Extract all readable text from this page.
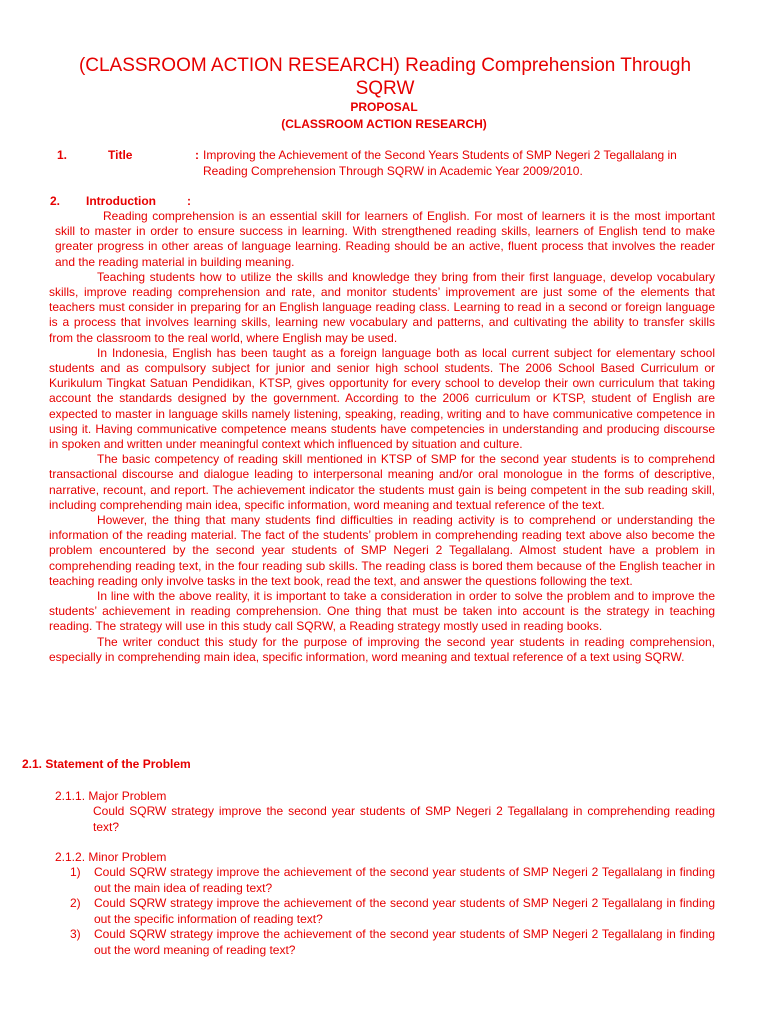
(CLASSROOM ACTION RESEARCH) Reading Comprehension Through SQRW
PROPOSAL
(CLASSROOM ACTION RESEARCH)
1.	Title	: Improving the Achievement of the Second Years Students of SMP Negeri 2 Tegallalang in Reading Comprehension Through SQRW in Academic Year 2009/2010.
2. Introduction	:

Reading comprehension is an essential skill for learners of English. For most of learners it is the most important skill to master in order to ensure success in learning. With strengthened reading skills, learners of English tend to make greater progress in other areas of language learning. Reading should be an active, fluent process that involves the reader and the reading material in building meaning.

Teaching students how to utilize the skills and knowledge they bring from their first language, develop vocabulary skills, improve reading comprehension and rate, and monitor students’ improvement are just some of the elements that teachers must consider in preparing for an English language reading class. Learning to read in a second or foreign language is a process that involves learning skills, learning new vocabulary and patterns, and cultivating the ability to transfer skills from the classroom to the real world, where English may be used.

In Indonesia, English has been taught as a foreign language both as local current subject for elementary school students and as compulsory subject for junior and senior high school students. The 2006 School Based Curriculum or Kurikulum Tingkat Satuan Pendidikan, KTSP, gives opportunity for every school to develop their own curriculum that taking account the standards designed by the government. According to the 2006 curriculum or KTSP, student of English are expected to master in language skills namely listening, speaking, reading, writing and to have communicative competence in using it. Having communicative competence means students have competencies in understanding and producing discourse in spoken and written under meaningful context which influenced by situation and culture.

The basic competency of reading skill mentioned in KTSP of SMP for the second year students is to comprehend transactional discourse and dialogue leading to interpersonal meaning and/or oral monologue in the forms of descriptive, narrative, recount, and report. The achievement indicator the students must gain is being competent in the sub reading skill, including comprehending main idea, specific information, word meaning and textual reference of the text.

However, the thing that many students find difficulties in reading activity is to comprehend or understanding the information of the reading material. The fact of the students’ problem in comprehending reading text above also become the problem encountered by the second year students of SMP Negeri 2 Tegallalang. Almost student have a problem in comprehending reading text, in the four reading sub skills. The reading class is bored them because of the English teacher in teaching reading only involve tasks in the text book, read the text, and answer the questions following the text.

In line with the above reality, it is important to take a consideration in order to solve the problem and to improve the students’ achievement in reading comprehension. One thing that must be taken into account is the strategy in teaching reading. The strategy will use in this study call SQRW, a Reading strategy mostly used in reading books.

The writer conduct this study for the purpose of improving the second year students in reading comprehension, especially in comprehending main idea, specific information, word meaning and textual reference of a text using SQRW.

2.1. Statement of the Problem
2.1.1. Major Problem
Could SQRW strategy improve the second year students of SMP Negeri 2 Tegallalang in comprehending reading text?
2.1.2. Minor Problem
1) Could SQRW strategy improve the achievement of the second year students of SMP Negeri 2 Tegallalang in finding out the main idea of reading text?
2) Could SQRW strategy improve the achievement of the second year students of SMP Negeri 2 Tegallalang in finding out the specific information of reading text?
3) Could SQRW strategy improve the achievement of the second year students of SMP Negeri 2 Tegallalang in finding out the word meaning of reading text?
